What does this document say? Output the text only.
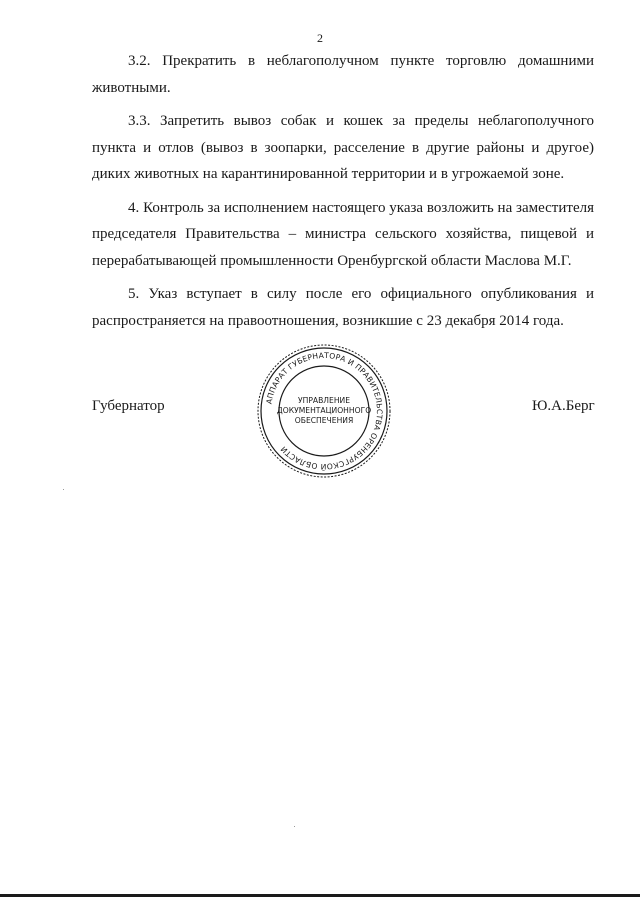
2

3.2. Прекратить в неблагополучном пункте торговлю домашними животными.

3.3. Запретить вывоз собак и кошек за пределы неблагополучного пункта и отлов (вывоз в зоопарки, расселение в другие районы и другое) диких животных на карантинированной территории и в угрожаемой зоне.

4. Контроль за исполнением настоящего указа возложить на заместителя председателя Правительства – министра сельского хозяйства, пищевой и перерабатывающей промышленности Оренбургской области Маслова М.Г.

5. Указ вступает в силу после его официального опубликования и распространяется на правоотношения, возникшие с 23 декабря 2014 года.

Губернатор	АППАРАТ ГУБЕРНАТОРА И ПРАВИТЕЛЬСТВА ОРЕНБУРГСКОЙ ОБЛАСТИ
УПРАВЛЕНИЕ
ДОКУМЕНТАЦИОННОГО
ОБЕСПЕЧЕНИЯ
Ю.А.Берг
